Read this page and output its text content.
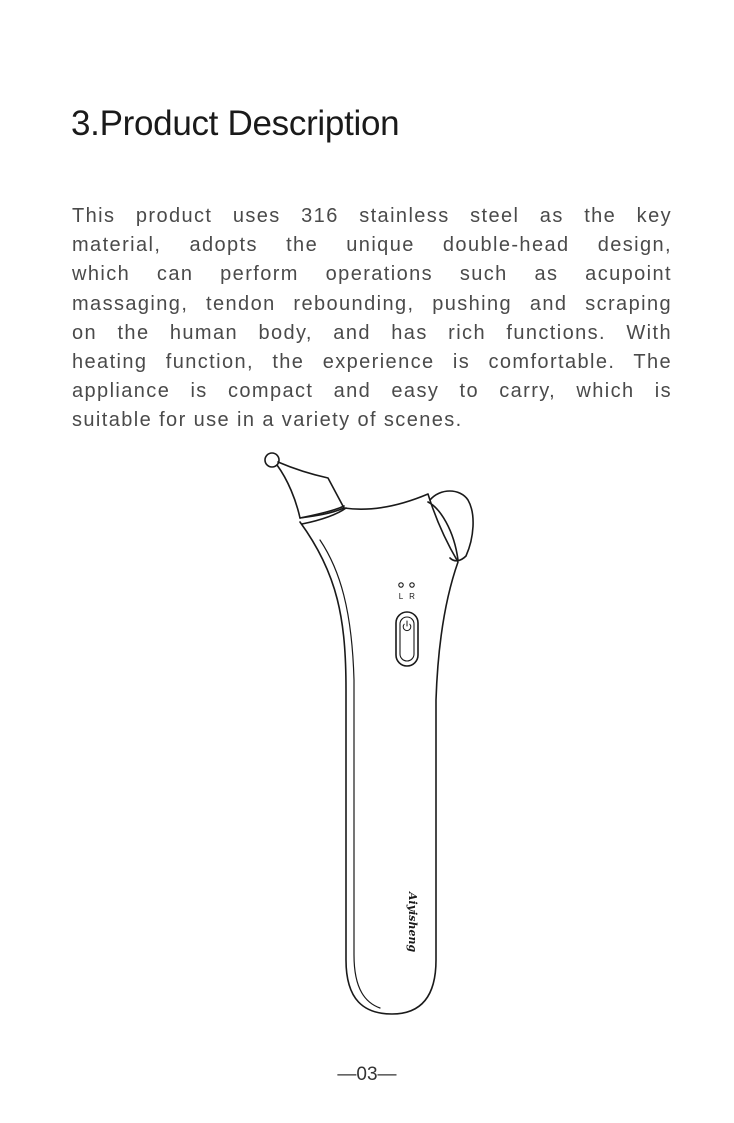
3.Product Description

This product uses 316 stainless steel as the key
material, adopts the unique double-head design,
which can perform operations such as acupoint
massaging, tendon rebounding, pushing and scraping
on the human body, and has rich functions. With
heating function, the experience is comfortable. The
appliance is compact and easy to carry, which is
suitable for use in a variety of scenes.

L R
Aiyisheng
—03—
